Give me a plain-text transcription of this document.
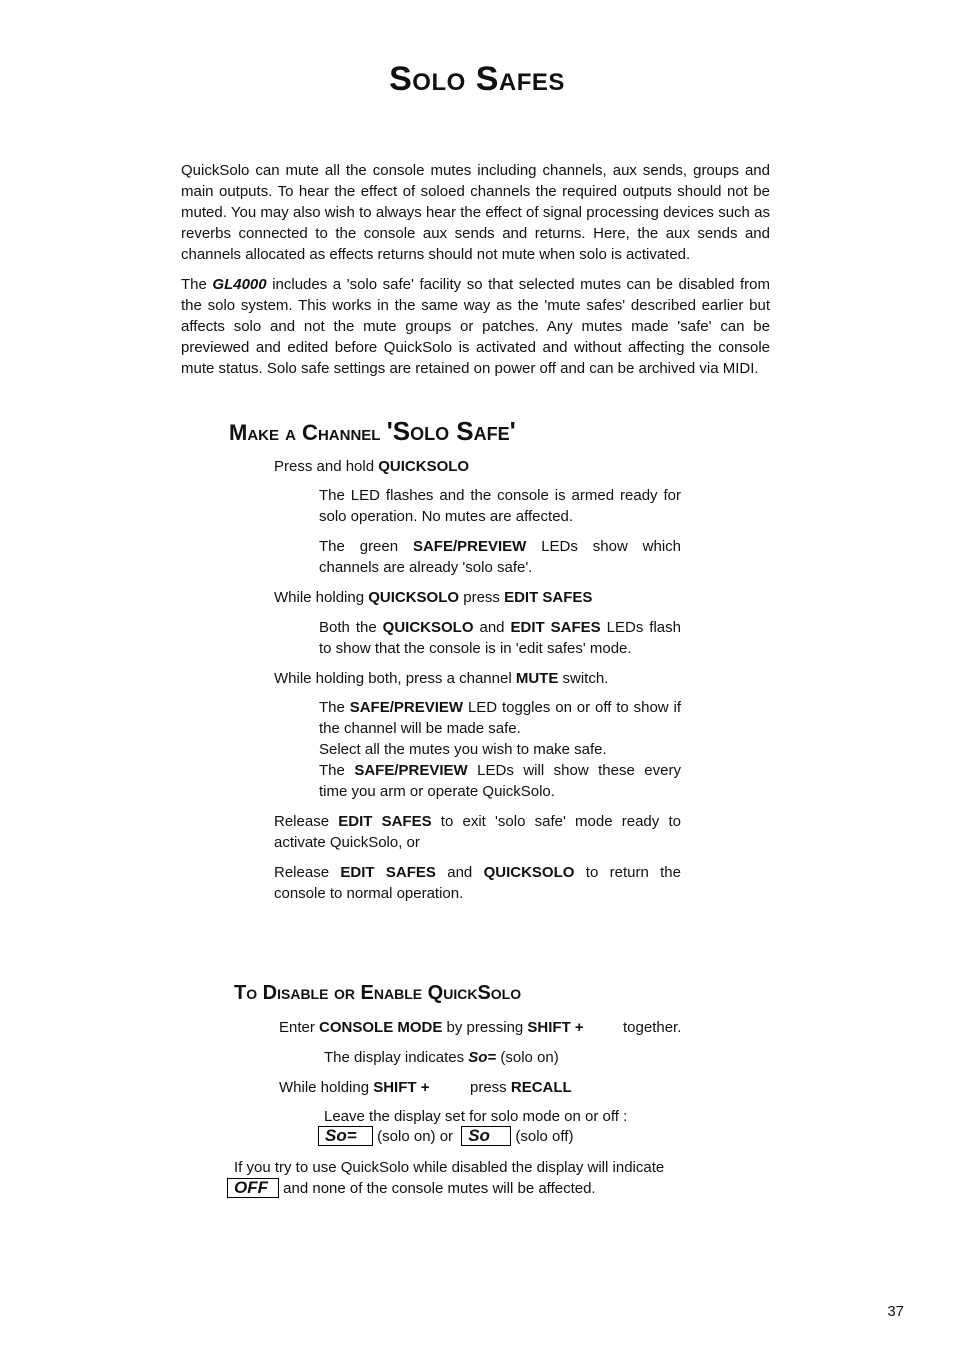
Solo Safes

QuickSolo can mute all the console mutes including channels, aux sends, groups and main outputs. To hear the effect of soloed channels the required outputs should not be muted. You may also wish to always hear the effect of signal processing devices such as reverbs connected to the console aux sends and returns. Here, the aux sends and channels allocated as effects returns should not mute when solo is activated.

The GL4000 includes a 'solo safe' facility so that selected mutes can be disabled from the solo system. This works in the same way as the 'mute safes' described earlier but affects solo and not the mute groups or patches. Any mutes made 'safe' can be previewed and edited before QuickSolo is activated and without affecting the console mute status. Solo safe settings are retained on power off and can be archived via MIDI.

Make a Channel 'Solo Safe'

Press and hold QUICKSOLO

The LED flashes and the console is armed ready for solo operation. No mutes are affected.

The green SAFE/PREVIEW LEDs show which channels are already 'solo safe'.

While holding QUICKSOLO press EDIT SAFES

Both the QUICKSOLO and EDIT SAFES LEDs flash to show that the console is in 'edit safes' mode.

While holding both, press a channel MUTE switch.

The SAFE/PREVIEW LED toggles on or off to show if the channel will be made safe.

Select all the mutes you wish to make safe.

The SAFE/PREVIEW LEDs will show these every time you arm or operate QuickSolo.

Release EDIT SAFES to exit 'solo safe' mode ready to activate QuickSolo, or

Release EDIT SAFES and QUICKSOLO to return the console to normal operation.

To Disable or Enable QuickSolo

Enter CONSOLE MODE by pressing SHIFT +	together.

The display indicates So= (solo on)

While holding SHIFT +	press RECALL

Leave the display set for solo mode on or off :

So= (solo on) or So (solo off)

If you try to use QuickSolo while disabled the display will indicate

OFF and none of the console mutes will be affected.
37
